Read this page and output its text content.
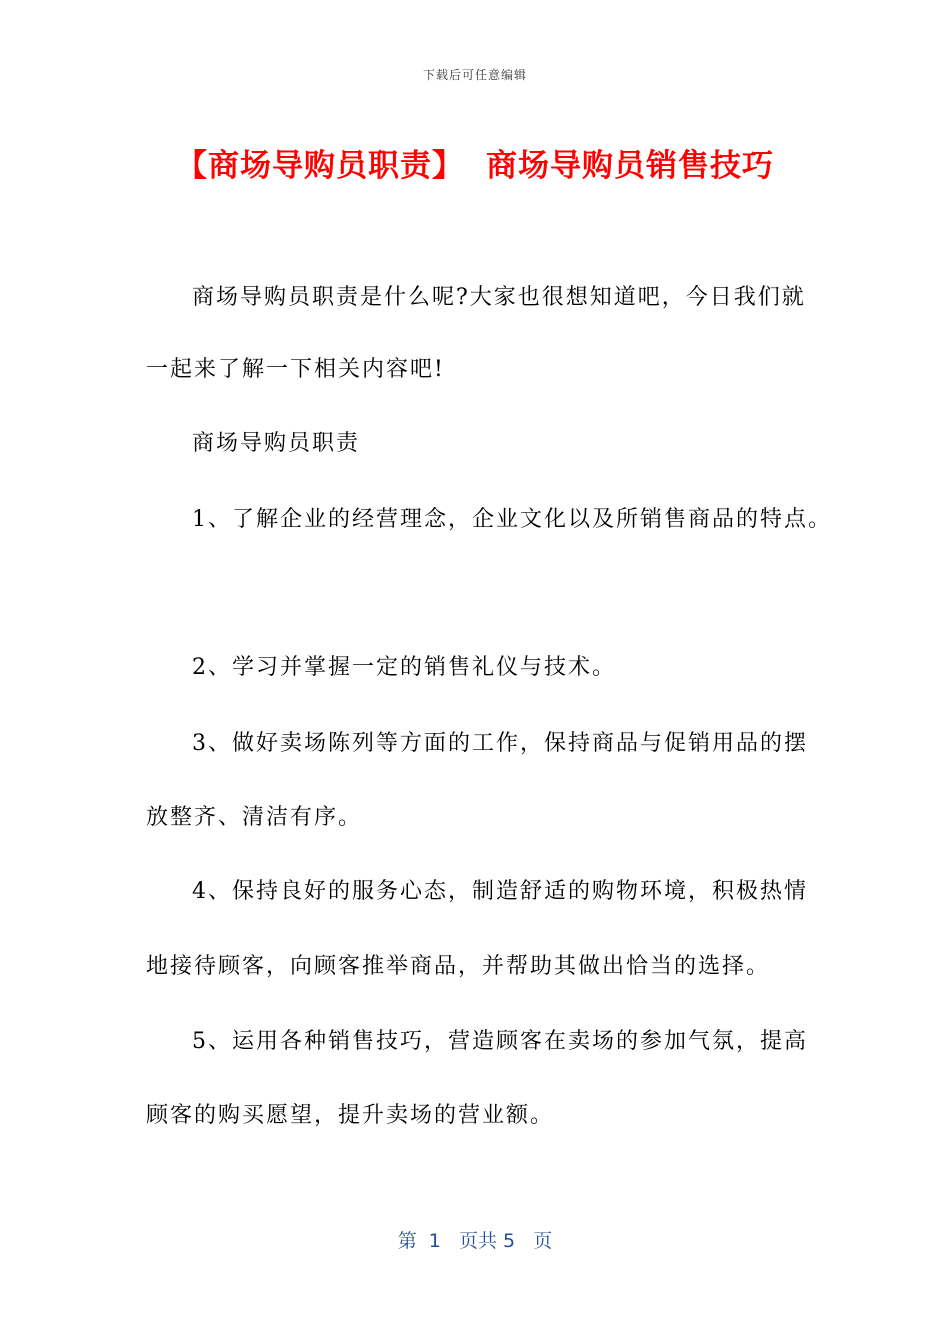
下载后可任意编辑
【商场导购员职责】 商场导购员销售技巧
商场导购员职责是什么呢?大家也很想知道吧，今日我们就
一起来了解一下相关内容吧!
商场导购员职责
1、了解企业的经营理念，企业文化以及所销售商品的特点。
2、学习并掌握一定的销售礼仪与技术。
3、做好卖场陈列等方面的工作，保持商品与促销用品的摆
放整齐、清洁有序。
4、保持良好的服务心态，制造舒适的购物环境，积极热情
地接待顾客，向顾客推举商品，并帮助其做出恰当的选择。
5、运用各种销售技巧，营造顾客在卖场的参加气氛，提高
顾客的购买愿望，提升卖场的营业额。
第  1   页共 5   页
